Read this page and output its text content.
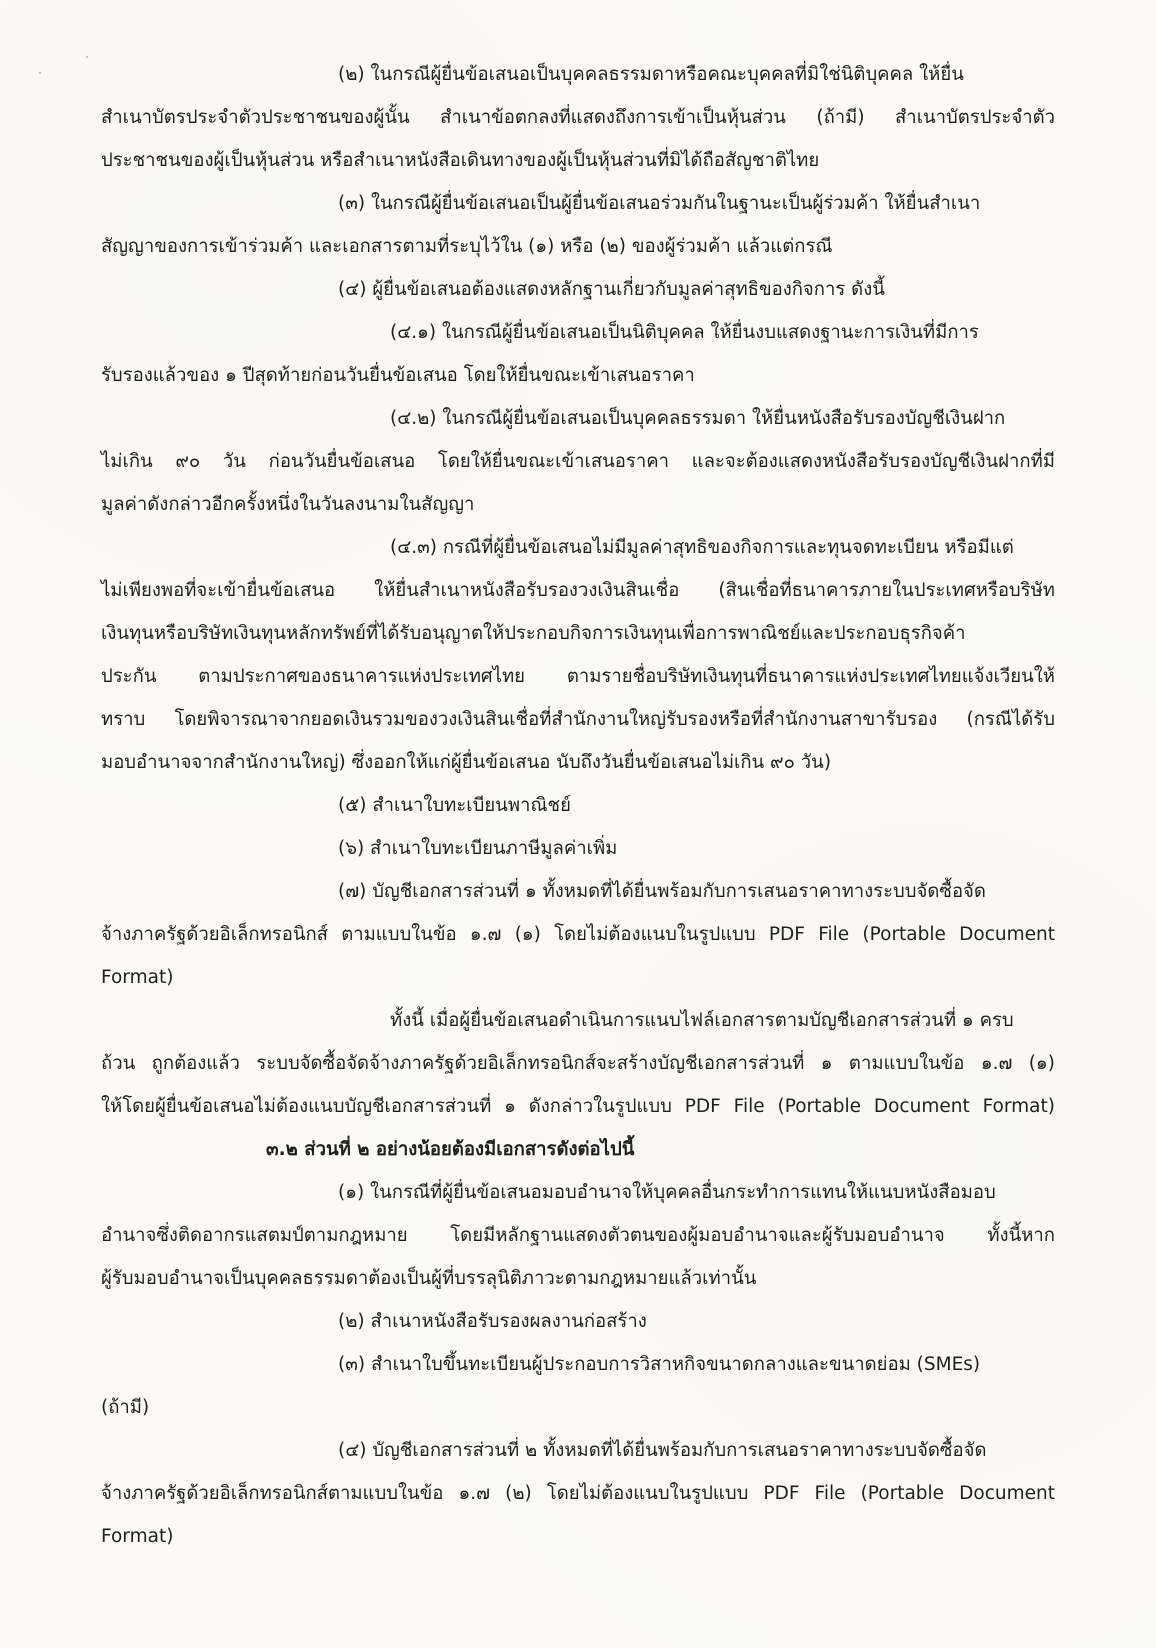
(๒) ในกรณีผู้ยื่นข้อเสนอเป็นบุคคลธรรมดาหรือคณะบุคคลที่มิใช่นิติบุคคล ให้ยื่น
สำเนาบัตรประจำตัวประชาชนของผู้นั้น สำเนาข้อตกลงที่แสดงถึงการเข้าเป็นหุ้นส่วน (ถ้ามี) สำเนาบัตรประจำตัว
ประชาชนของผู้เป็นหุ้นส่วน หรือสำเนาหนังสือเดินทางของผู้เป็นหุ้นส่วนที่มิได้ถือสัญชาติไทย
(๓) ในกรณีผู้ยื่นข้อเสนอเป็นผู้ยื่นข้อเสนอร่วมกันในฐานะเป็นผู้ร่วมค้า ให้ยื่นสำเนา
สัญญาของการเข้าร่วมค้า และเอกสารตามที่ระบุไว้ใน (๑) หรือ (๒) ของผู้ร่วมค้า แล้วแต่กรณี
(๔) ผู้ยื่นข้อเสนอต้องแสดงหลักฐานเกี่ยวกับมูลค่าสุทธิของกิจการ ดังนี้
(๔.๑) ในกรณีผู้ยื่นข้อเสนอเป็นนิติบุคคล ให้ยื่นงบแสดงฐานะการเงินที่มีการ
รับรองแล้วของ ๑ ปีสุดท้ายก่อนวันยื่นข้อเสนอ โดยให้ยื่นขณะเข้าเสนอราคา
(๔.๒) ในกรณีผู้ยื่นข้อเสนอเป็นบุคคลธรรมดา ให้ยื่นหนังสือรับรองบัญชีเงินฝาก
ไม่เกิน ๙๐ วัน ก่อนวันยื่นข้อเสนอ โดยให้ยื่นขณะเข้าเสนอราคา และจะต้องแสดงหนังสือรับรองบัญชีเงินฝากที่มี
มูลค่าดังกล่าวอีกครั้งหนึ่งในวันลงนามในสัญญา
(๔.๓) กรณีที่ผู้ยื่นข้อเสนอไม่มีมูลค่าสุทธิของกิจการและทุนจดทะเบียน หรือมีแต่
ไม่เพียงพอที่จะเข้ายื่นข้อเสนอ ให้ยื่นสำเนาหนังสือรับรองวงเงินสินเชื่อ (สินเชื่อที่ธนาคารภายในประเทศหรือบริษัท
เงินทุนหรือบริษัทเงินทุนหลักทรัพย์ที่ได้รับอนุญาตให้ประกอบกิจการเงินทุนเพื่อการพาณิชย์และประกอบธุรกิจค้า
ประกัน ตามประกาศของธนาคารแห่งประเทศไทย ตามรายชื่อบริษัทเงินทุนที่ธนาคารแห่งประเทศไทยแจ้งเวียนให้
ทราบ โดยพิจารณาจากยอดเงินรวมของวงเงินสินเชื่อที่สำนักงานใหญ่รับรองหรือที่สำนักงานสาขารับรอง (กรณีได้รับ
มอบอำนาจจากสำนักงานใหญ่) ซึ่งออกให้แก่ผู้ยื่นข้อเสนอ นับถึงวันยื่นข้อเสนอไม่เกิน ๙๐ วัน)
(๕) สำเนาใบทะเบียนพาณิชย์
(๖) สำเนาใบทะเบียนภาษีมูลค่าเพิ่ม
(๗) บัญชีเอกสารส่วนที่ ๑ ทั้งหมดที่ได้ยื่นพร้อมกับการเสนอราคาทางระบบจัดซื้อจัด
จ้างภาครัฐด้วยอิเล็กทรอนิกส์ ตามแบบในข้อ ๑.๗ (๑) โดยไม่ต้องแนบในรูปแบบ PDF File (Portable Document
Format)
ทั้งนี้ เมื่อผู้ยื่นข้อเสนอดำเนินการแนบไฟล์เอกสารตามบัญชีเอกสารส่วนที่ ๑ ครบ
ถ้วน ถูกต้องแล้ว ระบบจัดซื้อจัดจ้างภาครัฐด้วยอิเล็กทรอนิกส์จะสร้างบัญชีเอกสารส่วนที่ ๑ ตามแบบในข้อ ๑.๗ (๑)
ให้โดยผู้ยื่นข้อเสนอไม่ต้องแนบบัญชีเอกสารส่วนที่ ๑ ดังกล่าวในรูปแบบ PDF File (Portable Document Format)
๓.๒ ส่วนที่ ๒ อย่างน้อยต้องมีเอกสารดังต่อไปนี้
(๑) ในกรณีที่ผู้ยื่นข้อเสนอมอบอำนาจให้บุคคลอื่นกระทำการแทนให้แนบหนังสือมอบ
อำนาจซึ่งติดอากรแสตมป์ตามกฎหมาย โดยมีหลักฐานแสดงตัวตนของผู้มอบอำนาจและผู้รับมอบอำนาจ ทั้งนี้หาก
ผู้รับมอบอำนาจเป็นบุคคลธรรมดาต้องเป็นผู้ที่บรรลุนิติภาวะตามกฎหมายแล้วเท่านั้น
(๒) สำเนาหนังสือรับรองผลงานก่อสร้าง
(๓) สำเนาใบขึ้นทะเบียนผู้ประกอบการวิสาหกิจขนาดกลางและขนาดย่อม (SMEs)
(ถ้ามี)
(๔) บัญชีเอกสารส่วนที่ ๒ ทั้งหมดที่ได้ยื่นพร้อมกับการเสนอราคาทางระบบจัดซื้อจัด
จ้างภาครัฐด้วยอิเล็กทรอนิกส์ตามแบบในข้อ ๑.๗ (๒) โดยไม่ต้องแนบในรูปแบบ PDF File (Portable Document
Format)
